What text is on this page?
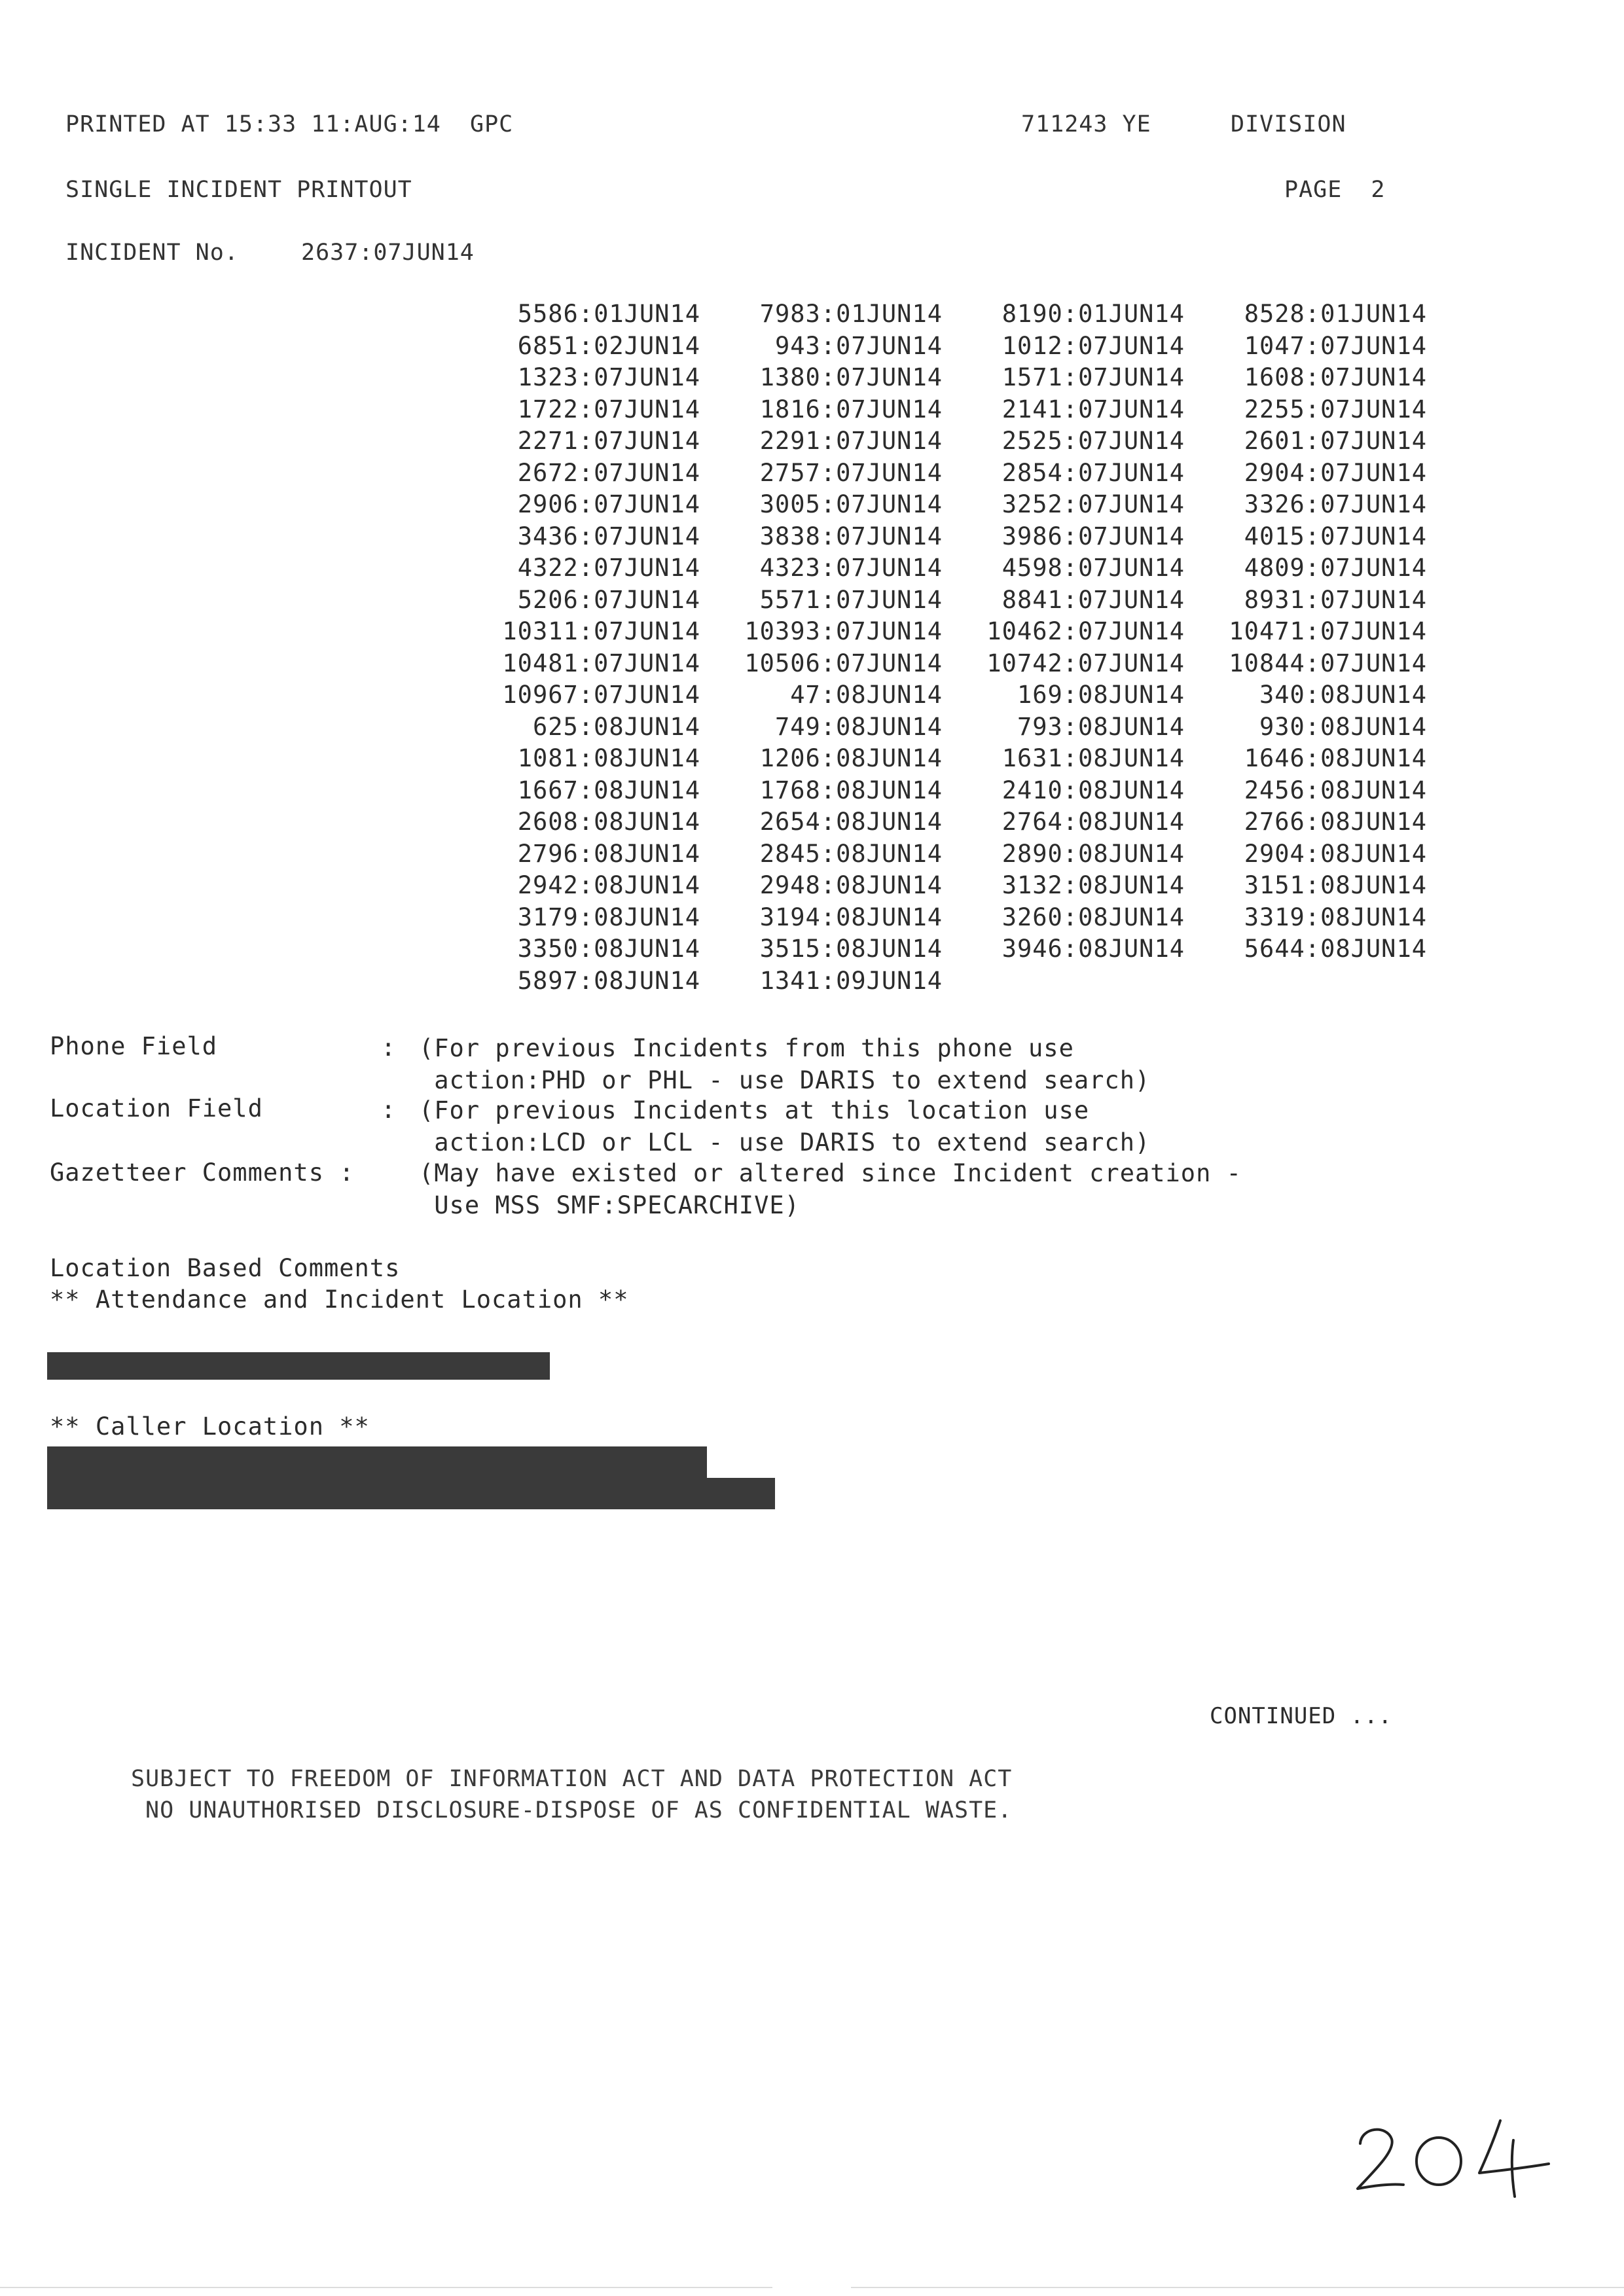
PRINTED AT 15:33 11:AUG:14  GPC	711243 YE	DIVISION
SINGLE INCIDENT PRINTOUT	PAGE  2
INCIDENT No.	2637:07JUN14
5586:01JUN14	7983:01JUN14	8190:01JUN14	8528:01JUN14
6851:02JUN14	943:07JUN14	1012:07JUN14	1047:07JUN14
1323:07JUN14	1380:07JUN14	1571:07JUN14	1608:07JUN14
1722:07JUN14	1816:07JUN14	2141:07JUN14	2255:07JUN14
2271:07JUN14	2291:07JUN14	2525:07JUN14	2601:07JUN14
2672:07JUN14	2757:07JUN14	2854:07JUN14	2904:07JUN14
2906:07JUN14	3005:07JUN14	3252:07JUN14	3326:07JUN14
3436:07JUN14	3838:07JUN14	3986:07JUN14	4015:07JUN14
4322:07JUN14	4323:07JUN14	4598:07JUN14	4809:07JUN14
5206:07JUN14	5571:07JUN14	8841:07JUN14	8931:07JUN14
10311:07JUN14	10393:07JUN14	10462:07JUN14	10471:07JUN14
10481:07JUN14	10506:07JUN14	10742:07JUN14	10844:07JUN14
10967:07JUN14	47:08JUN14	169:08JUN14	340:08JUN14
625:08JUN14	749:08JUN14	793:08JUN14	930:08JUN14
1081:08JUN14	1206:08JUN14	1631:08JUN14	1646:08JUN14
1667:08JUN14	1768:08JUN14	2410:08JUN14	2456:08JUN14
2608:08JUN14	2654:08JUN14	2764:08JUN14	2766:08JUN14
2796:08JUN14	2845:08JUN14	2890:08JUN14	2904:08JUN14
2942:08JUN14	2948:08JUN14	3132:08JUN14	3151:08JUN14
3179:08JUN14	3194:08JUN14	3260:08JUN14	3319:08JUN14
3350:08JUN14	3515:08JUN14	3946:08JUN14	5644:08JUN14
5897:08JUN14	1341:09JUN14
Phone Field	: (For previous Incidents from this phone use
action:PHD or PHL - use DARIS to extend search)
Location Field	: (For previous Incidents at this location use
action:LCD or LCL - use DARIS to extend search)
Gazetteer Comments :	(May have existed or altered since Incident creation -
Use MSS SMF:SPECARCHIVE)
Location Based Comments
** Attendance and Incident Location **
** Caller Location **
CONTINUED ...
SUBJECT TO FREEDOM OF INFORMATION ACT AND DATA PROTECTION ACT
NO UNAUTHORISED DISCLOSURE-DISPOSE OF AS CONFIDENTIAL WASTE.
